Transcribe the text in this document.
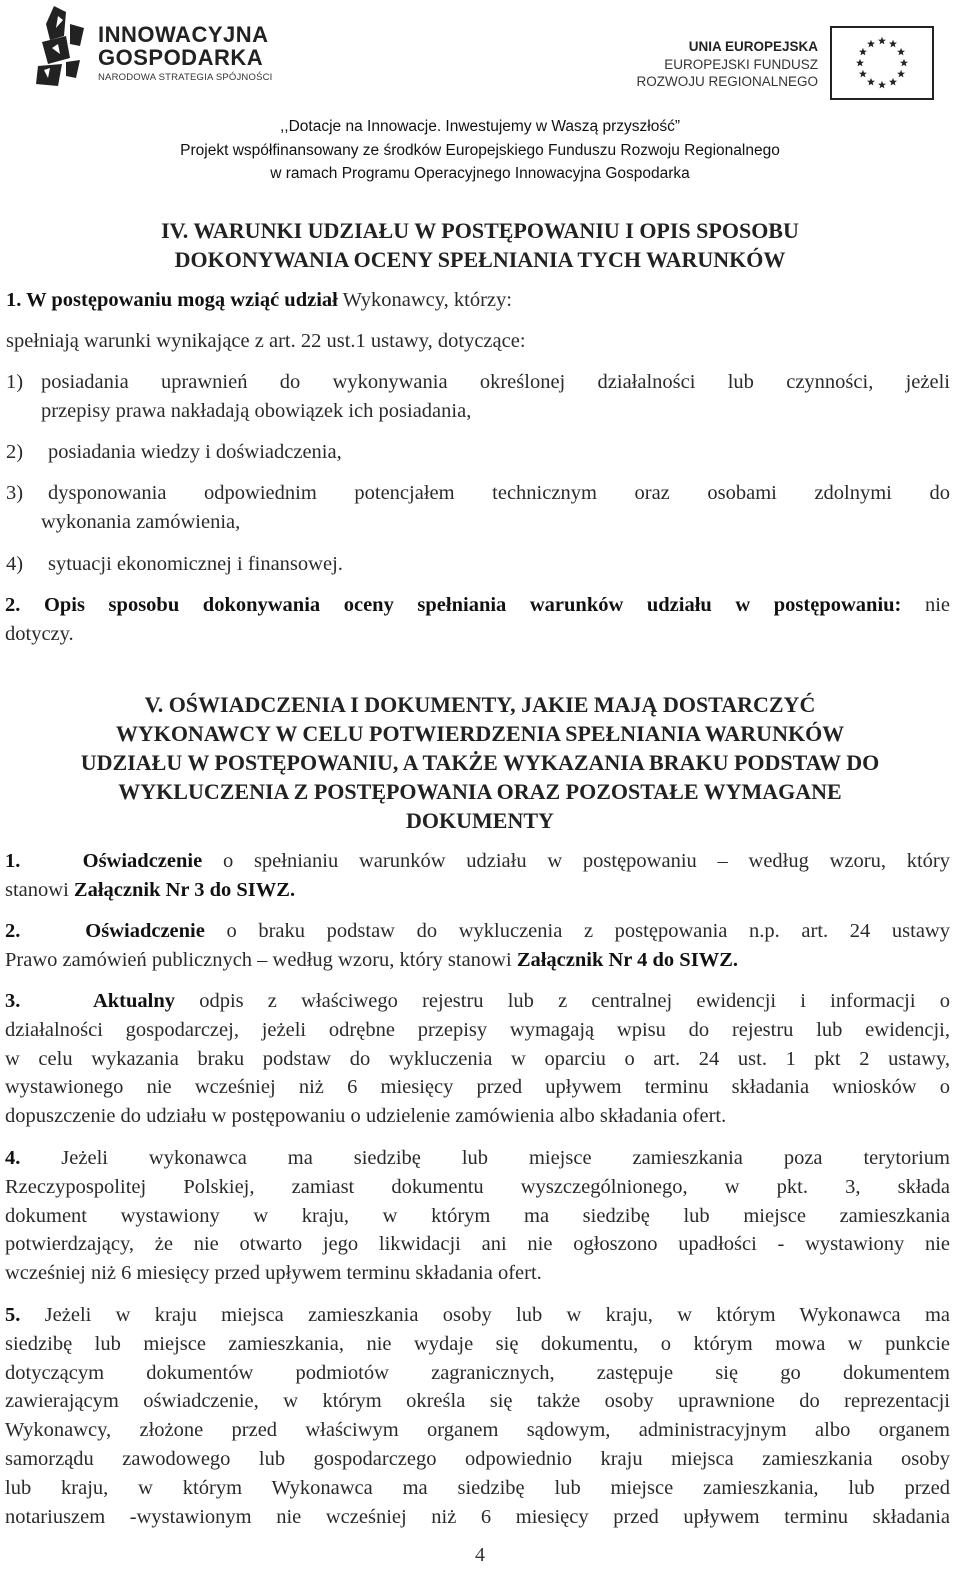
INNOWACYJNA
GOSPODARKA
NARODOWA STRATEGIA SPÓJNOŚCI
UNIA EUROPEJSKA
EUROPEJSKI FUNDUSZ
ROZWOJU REGIONALNEGO
,,Dotacje na Innowacje. Inwestujemy w Waszą przyszłość”
Projekt współfinansowany ze środków Europejskiego Funduszu Rozwoju Regionalnego
w ramach Programu Operacyjnego Innowacyjna Gospodarka
IV. WARUNKI UDZIAŁU W POSTĘPOWANIU I OPIS SPOSOBU
DOKONYWANIA OCENY SPEŁNIANIA TYCH WARUNKÓW
1. W postępowaniu mogą wziąć udział Wykonawcy, którzy:
spełniają warunki wynikające z art. 22 ust.1 ustawy, dotyczące:
1) posiadania uprawnień do wykonywania określonej działalności lub czynności, jeżeli
przepisy prawa nakładają obowiązek ich posiadania,
2) posiadania wiedzy i doświadczenia,
3) dysponowania odpowiednim potencjałem technicznym oraz osobami zdolnymi do
wykonania zamówienia,
4) sytuacji ekonomicznej i finansowej.
2. Opis sposobu dokonywania oceny spełniania warunków udziału w postępowaniu: nie
dotyczy.
V. OŚWIADCZENIA I DOKUMENTY, JAKIE MAJĄ DOSTARCZYĆ
WYKONAWCY W CELU POTWIERDZENIA SPEŁNIANIA WARUNKÓW
UDZIAŁU W POSTĘPOWANIU, A TAKŻE WYKAZANIA BRAKU PODSTAW DO
WYKLUCZENIA Z POSTĘPOWANIA ORAZ POZOSTAŁE WYMAGANE
DOKUMENTY
1.	Oświadczenie o spełnianiu warunków udziału w postępowaniu – według wzoru, który
stanowi Załącznik Nr 3 do SIWZ.
2.	Oświadczenie o braku podstaw do wykluczenia z postępowania n.p. art. 24 ustawy
Prawo zamówień publicznych – według wzoru, który stanowi Załącznik Nr 4 do SIWZ.
3.	Aktualny odpis z właściwego rejestru lub z centralnej ewidencji i informacji o
działalności gospodarczej, jeżeli odrębne przepisy wymagają wpisu do rejestru lub ewidencji,
w celu wykazania braku podstaw do wykluczenia w oparciu o art. 24 ust. 1 pkt 2 ustawy,
wystawionego nie wcześniej niż 6 miesięcy przed upływem terminu składania wniosków o
dopuszczenie do udziału w postępowaniu o udzielenie zamówienia albo składania ofert.
4. Jeżeli wykonawca ma siedzibę lub miejsce zamieszkania poza terytorium
Rzeczypospolitej Polskiej, zamiast dokumentu wyszczególnionego, w pkt. 3, składa
dokument wystawiony w kraju, w którym ma siedzibę lub miejsce zamieszkania
potwierdzający, że nie otwarto jego likwidacji ani nie ogłoszono upadłości - wystawiony nie
wcześniej niż 6 miesięcy przed upływem terminu składania ofert.
5. Jeżeli w kraju miejsca zamieszkania osoby lub w kraju, w którym Wykonawca ma
siedzibę lub miejsce zamieszkania, nie wydaje się dokumentu, o którym mowa w punkcie
dotyczącym dokumentów podmiotów zagranicznych, zastępuje się go dokumentem
zawierającym oświadczenie, w którym określa się także osoby uprawnione do reprezentacji
Wykonawcy, złożone przed właściwym organem sądowym, administracyjnym albo organem
samorządu zawodowego lub gospodarczego odpowiednio kraju miejsca zamieszkania osoby
lub kraju, w którym Wykonawca ma siedzibę lub miejsce zamieszkania, lub przed
notariuszem -wystawionym nie wcześniej niż 6 miesięcy przed upływem terminu składania
4
